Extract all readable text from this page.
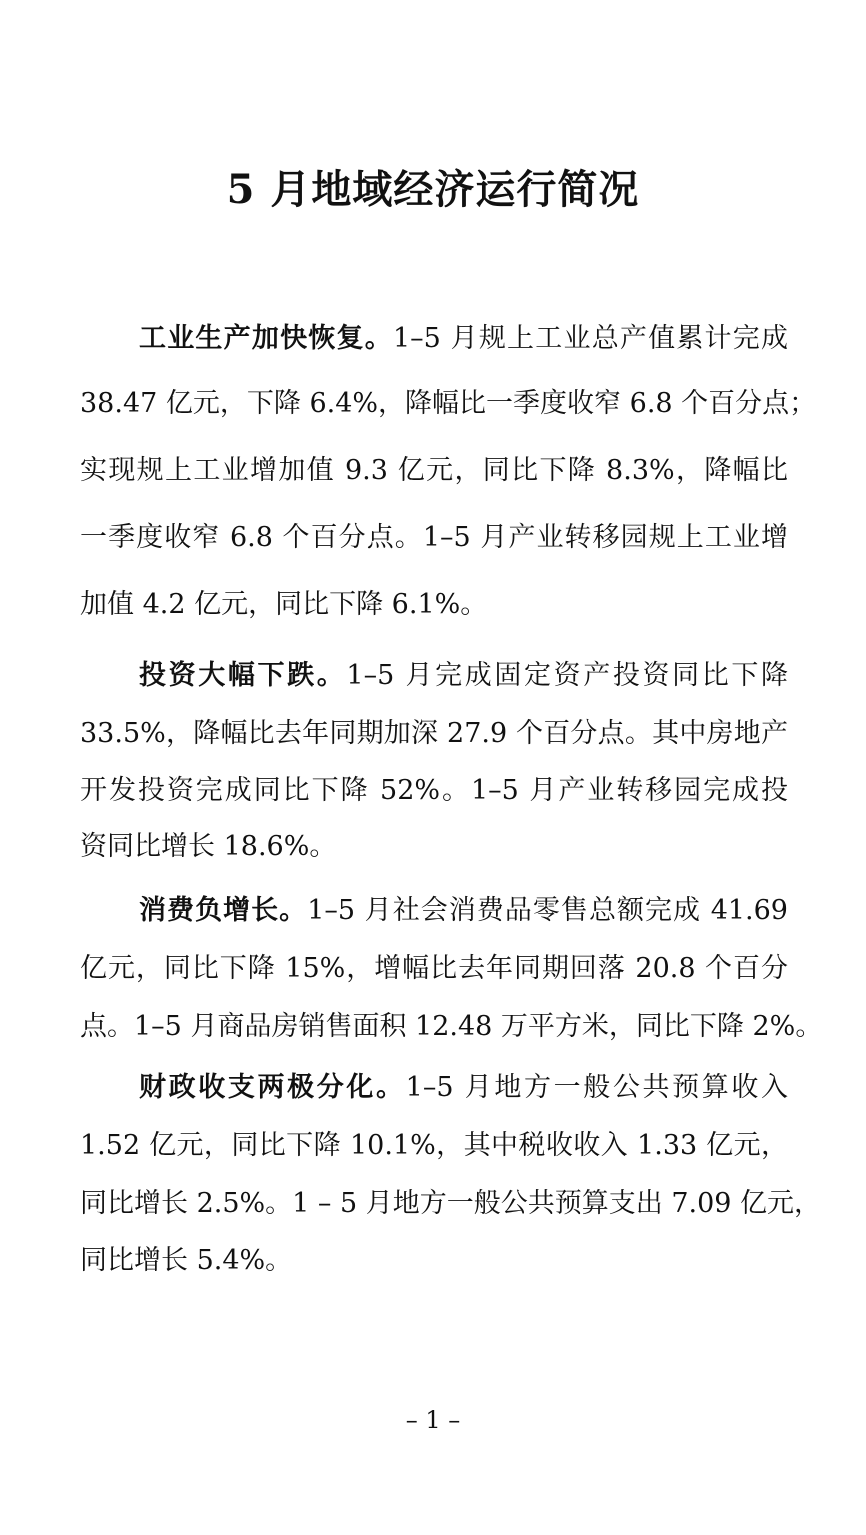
5 月地域经济运行简况
工业生产加快恢复。1–5 月规上工业总产值累计完成
38.47 亿元，下降 6.4%，降幅比一季度收窄 6.8 个百分点；
实现规上工业增加值 9.3 亿元，同比下降 8.3%，降幅比
一季度收窄 6.8 个百分点。1–5 月产业转移园规上工业增
加值 4.2 亿元，同比下降 6.1%。
投资大幅下跌。1–5 月完成固定资产投资同比下降
33.5%，降幅比去年同期加深 27.9 个百分点。其中房地产
开发投资完成同比下降 52%。1–5 月产业转移园完成投
资同比增长 18.6%。
消费负增长。1–5 月社会消费品零售总额完成 41.69
亿元，同比下降 15%，增幅比去年同期回落 20.8 个百分
点。1–5 月商品房销售面积 12.48 万平方米，同比下降 2%。
财政收支两极分化。1–5 月地方一般公共预算收入
1.52 亿元，同比下降 10.1%，其中税收收入 1.33 亿元，
同比增长 2.5%。1 – 5 月地方一般公共预算支出 7.09 亿元，
同比增长 5.4%。
– 1 –
